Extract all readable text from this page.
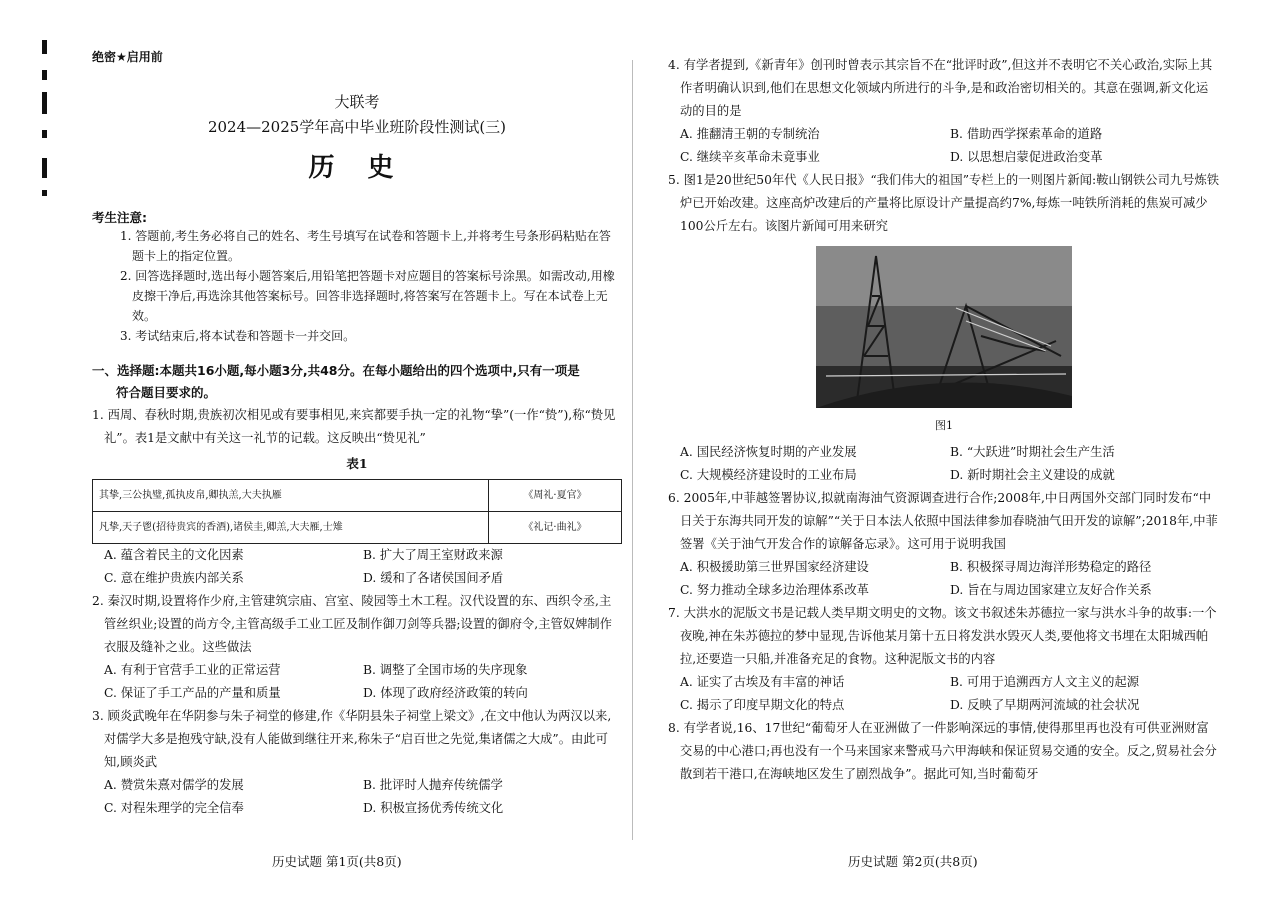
绝密★启用前
大联考
2024—2025学年高中毕业班阶段性测试(三)
历 史
考生注意:
1. 答题前,考生务必将自己的姓名、考生号填写在试卷和答题卡上,并将考生号条形码粘贴在答题卡上的指定位置。
2. 回答选择题时,选出每小题答案后,用铅笔把答题卡对应题目的答案标号涂黑。如需改动,用橡皮擦干净后,再选涂其他答案标号。回答非选择题时,将答案写在答题卡上。写在本试卷上无效。
3. 考试结束后,将本试卷和答题卡一并交回。
一、选择题:本题共16小题,每小题3分,共48分。在每小题给出的四个选项中,只有一项是
符合题目要求的。
1. 西周、春秋时期,贵族初次相见或有要事相见,来宾都要手执一定的礼物“挚”(一作“贽”),称“贽见礼”。表1是文献中有关这一礼节的记载。这反映出“贽见礼”
表1
其挚,三公执璧,孤执皮帛,卿执羔,大夫执雁	《周礼·夏官》
凡挚,天子鬯(招待贵宾的香酒),诸侯圭,卿羔,大夫雁,士雉	《礼记·曲礼》
A. 蕴含着民主的文化因素	B. 扩大了周王室财政来源
C. 意在维护贵族内部关系	D. 缓和了各诸侯国间矛盾
2. 秦汉时期,设置将作少府,主管建筑宗庙、宫室、陵园等土木工程。汉代设置的东、西织令丞,主管丝织业;设置的尚方令,主管高级手工业工匠及制作御刀剑等兵器;设置的御府令,主管奴婢制作衣服及缝补之业。这些做法
A. 有利于官营手工业的正常运营	B. 调整了全国市场的失序现象
C. 保证了手工产品的产量和质量	D. 体现了政府经济政策的转向
3. 顾炎武晚年在华阴参与朱子祠堂的修建,作《华阴县朱子祠堂上梁文》,在文中他认为两汉以来,对儒学大多是抱残守缺,没有人能做到继往开来,称朱子“启百世之先觉,集诸儒之大成”。由此可知,顾炎武
A. 赞赏朱熹对儒学的发展	B. 批评时人抛弃传统儒学
C. 对程朱理学的完全信奉	D. 积极宣扬优秀传统文化
历史试题 第1页(共8页)
4. 有学者提到,《新青年》创刊时曾表示其宗旨不在“批评时政”,但这并不表明它不关心政治,实际上其作者明确认识到,他们在思想文化领域内所进行的斗争,是和政治密切相关的。其意在强调,新文化运动的目的是
A. 推翻清王朝的专制统治	B. 借助西学探索革命的道路
C. 继续辛亥革命未竟事业	D. 以思想启蒙促进政治变革
5. 图1是20世纪50年代《人民日报》“我们伟大的祖国”专栏上的一则图片新闻:鞍山钢铁公司九号炼铁炉已开始改建。这座高炉改建后的产量将比原设计产量提高约7%,每炼一吨铁所消耗的焦炭可减少100公斤左右。该图片新闻可用来研究
图1
A. 国民经济恢复时期的产业发展	B. “大跃进”时期社会生产生活
C. 大规模经济建设时的工业布局	D. 新时期社会主义建设的成就
6. 2005年,中菲越签署协议,拟就南海油气资源调查进行合作;2008年,中日两国外交部门同时发布“中日关于东海共同开发的谅解”“关于日本法人依照中国法律参加春晓油气田开发的谅解”;2018年,中菲签署《关于油气开发合作的谅解备忘录》。这可用于说明我国
A. 积极援助第三世界国家经济建设	B. 积极探寻周边海洋形势稳定的路径
C. 努力推动全球多边治理体系改革	D. 旨在与周边国家建立友好合作关系
7. 大洪水的泥版文书是记载人类早期文明史的文物。该文书叙述朱苏德拉一家与洪水斗争的故事:一个夜晚,神在朱苏德拉的梦中显现,告诉他某月第十五日将发洪水毁灭人类,要他将文书埋在太阳城西帕拉,还要造一只船,并准备充足的食物。这种泥版文书的内容
A. 证实了古埃及有丰富的神话	B. 可用于追溯西方人文主义的起源
C. 揭示了印度早期文化的特点	D. 反映了早期两河流域的社会状况
8. 有学者说,16、17世纪“葡萄牙人在亚洲做了一件影响深远的事情,使得那里再也没有可供亚洲财富交易的中心港口;再也没有一个马来国家来警戒马六甲海峡和保证贸易交通的安全。反之,贸易社会分散到若干港口,在海峡地区发生了剧烈战争”。据此可知,当时葡萄牙
历史试题 第2页(共8页)
